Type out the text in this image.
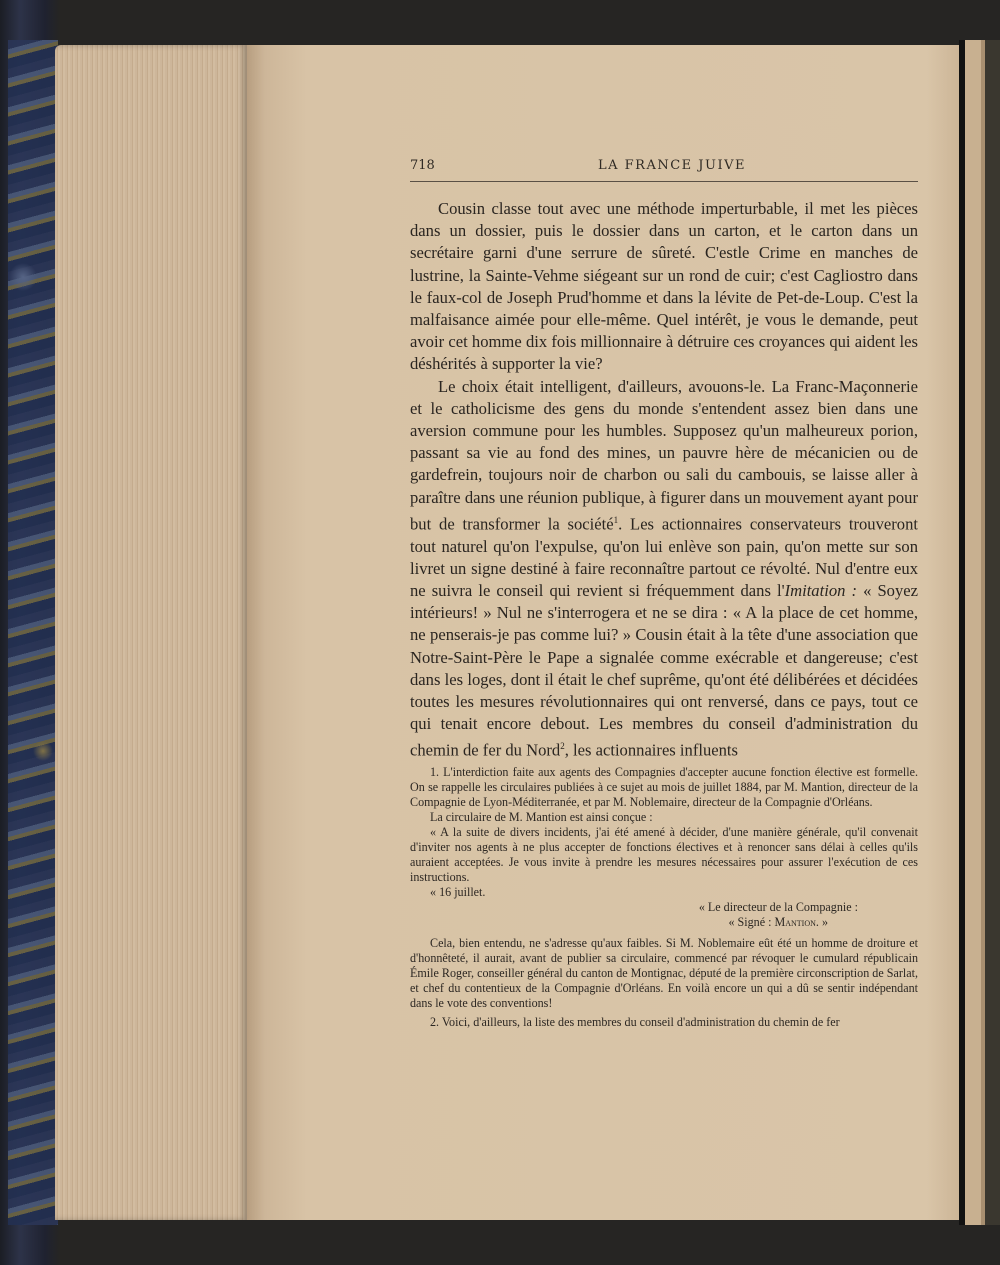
718	LA FRANCE JUIVE

Cousin classe tout avec une méthode imperturbable, il met les pièces dans un dossier, puis le dossier dans un carton, et le carton dans un secrétaire garni d'une serrure de sûreté. C'estle Crime en manches de lustrine, la Sainte-Vehme siégeant sur un rond de cuir; c'est Cagliostro dans le faux-col de Joseph Prud'homme et dans la lévite de Pet-de-Loup. C'est la malfaisance aimée pour elle-même. Quel intérêt, je vous le demande, peut avoir cet homme dix fois millionnaire à détruire ces croyances qui aident les déshérités à supporter la vie?

Le choix était intelligent, d'ailleurs, avouons-le. La Franc-Maçonnerie et le catholicisme des gens du monde s'entendent assez bien dans une aversion commune pour les humbles. Supposez qu'un malheureux porion, passant sa vie au fond des mines, un pauvre hère de mécanicien ou de gardefrein, toujours noir de charbon ou sali du cambouis, se laisse aller à paraître dans une réunion publique, à figurer dans un mouvement ayant pour but de transformer la société$^1$. Les actionnaires conservateurs trouveront tout naturel qu'on l'expulse, qu'on lui enlève son pain, qu'on mette sur son livret un signe destiné à faire reconnaître partout ce révolté. Nul d'entre eux ne suivra le conseil qui revient si fréquemment dans l'Imitation : « Soyez intérieurs! » Nul ne s'interrogera et ne se dira : « A la place de cet homme, ne penserais-je pas comme lui? » Cousin était à la tête d'une association que Notre-Saint-Père le Pape a signalée comme exécrable et dangereuse; c'est dans les loges, dont il était le chef suprême, qu'ont été délibérées et décidées toutes les mesures révolutionnaires qui ont renversé, dans ce pays, tout ce qui tenait encore debout. Les membres du conseil d'administration du chemin de fer du Nord$^2$, les actionnaires influents

1. L'interdiction faite aux agents des Compagnies d'accepter aucune fonction élective est formelle. On se rappelle les circulaires publiées à ce sujet au mois de juillet 1884, par M. Mantion, directeur de la Compagnie de Lyon-Méditerranée, et par M. Noblemaire, directeur de la Compagnie d'Orléans.

La circulaire de M. Mantion est ainsi conçue :

« A la suite de divers incidents, j'ai été amené à décider, d'une manière générale, qu'il convenait d'inviter nos agents à ne plus accepter de fonctions électives et à renoncer sans délai à celles qu'ils auraient acceptées. Je vous invite à prendre les mesures nécessaires pour assurer l'exécution de ces instructions.

« 16 juillet.

« Le directeur de la Compagnie :

« Signé : Mantion. »

Cela, bien entendu, ne s'adresse qu'aux faibles. Si M. Noblemaire eût été un homme de droiture et d'honnêteté, il aurait, avant de publier sa circulaire, commencé par révoquer le cumulard républicain Émile Roger, conseiller général du canton de Montignac, député de la première circonscription de Sarlat, et chef du contentieux de la Compagnie d'Orléans. En voilà encore un qui a dû se sentir indépendant dans le vote des conventions!

2. Voici, d'ailleurs, la liste des membres du conseil d'administration du chemin de fer
